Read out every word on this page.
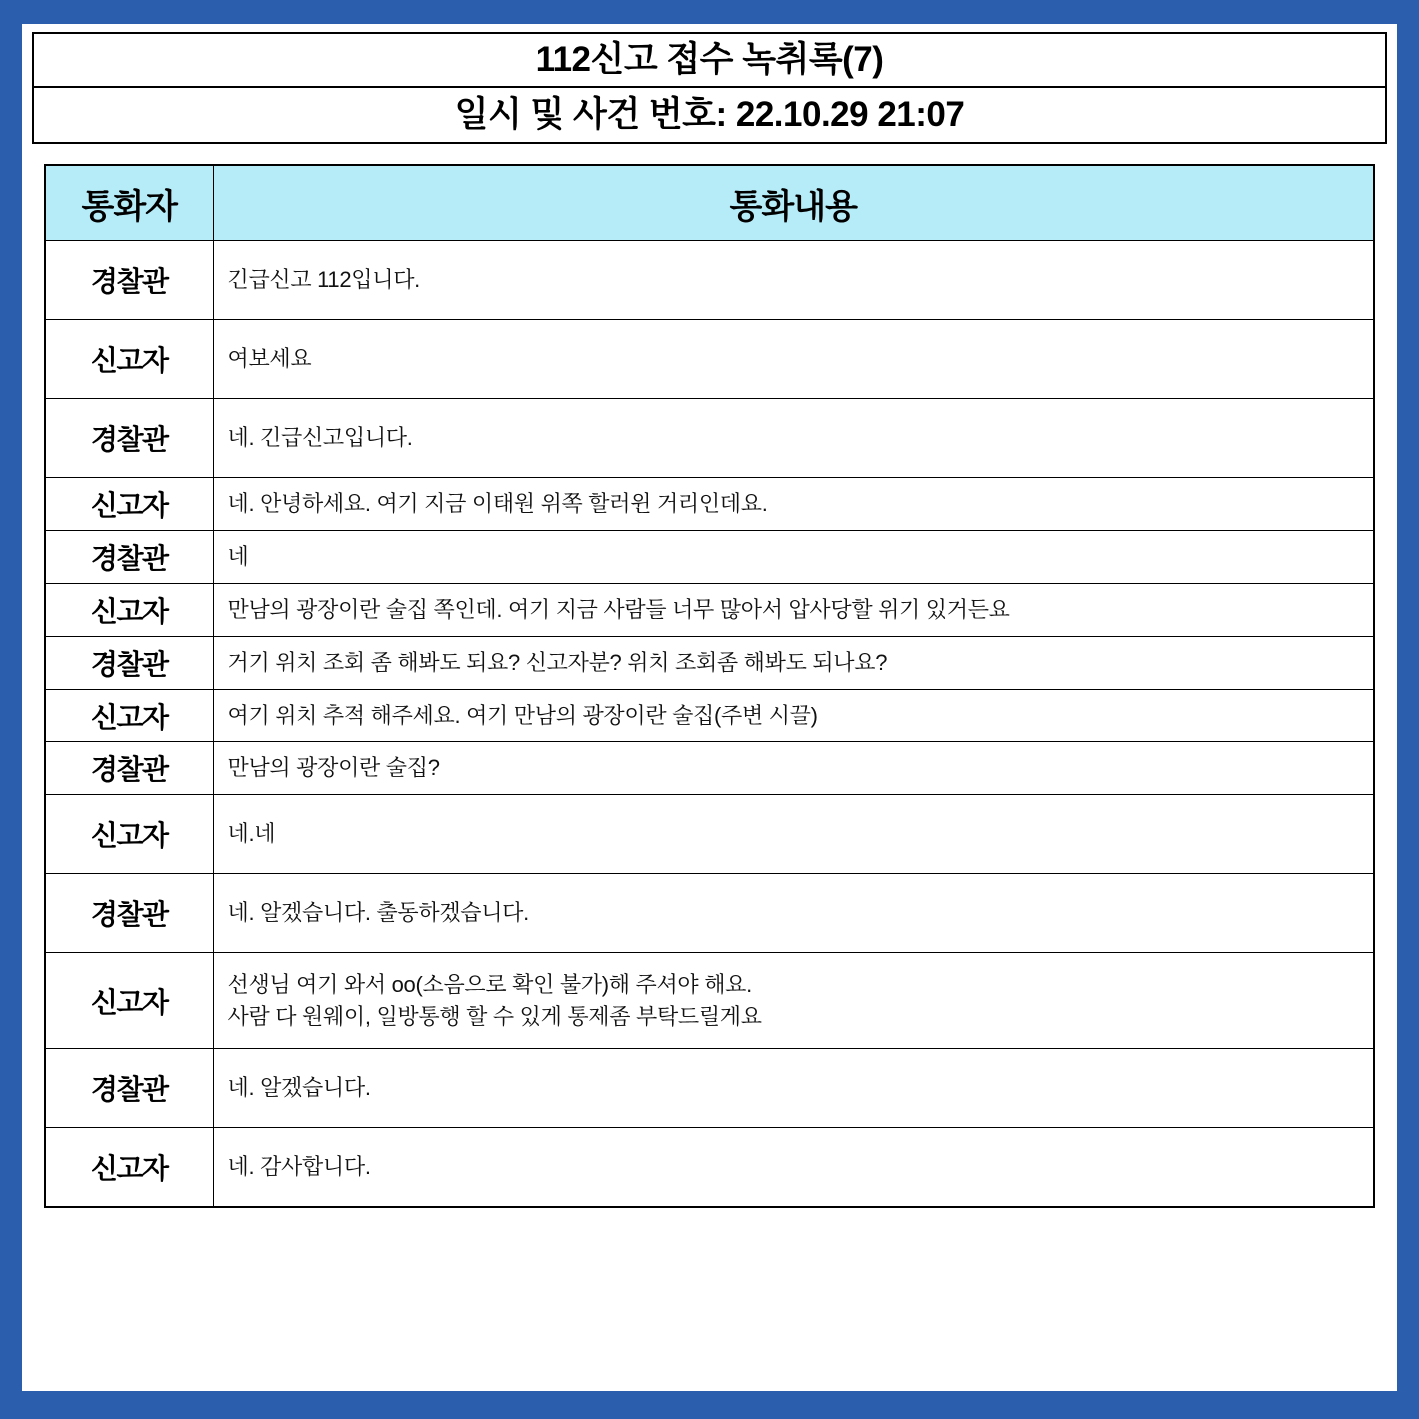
112신고 접수 녹취록(7)
일시 및 사건 번호: 22.10.29 21:07
통화자	통화내용
경찰관	긴급신고 112입니다.

신고자	여보세요

경찰관	네. 긴급신고입니다.

신고자	네. 안녕하세요. 여기 지금 이태원 위쪽 할러윈 거리인데요.

경찰관	네

신고자	만남의 광장이란 술집 쪽인데. 여기 지금 사람들 너무 많아서 압사당할 위기 있거든요

경찰관	거기 위치 조회 좀 해봐도 되요? 신고자분? 위치 조회좀 해봐도 되나요?

신고자	여기 위치 추적 해주세요. 여기 만남의 광장이란 술집(주변 시끌)

경찰관	만남의 광장이란 술집?

신고자	네.네

경찰관	네. 알겠습니다. 출동하겠습니다.

신고자	선생님 여기 와서 oo(소음으로 확인 불가)해 주셔야 해요.
사람 다 원웨이, 일방통행 할 수 있게 통제좀 부탁드릴게요

경찰관	네. 알겠습니다.

신고자	네. 감사합니다.
